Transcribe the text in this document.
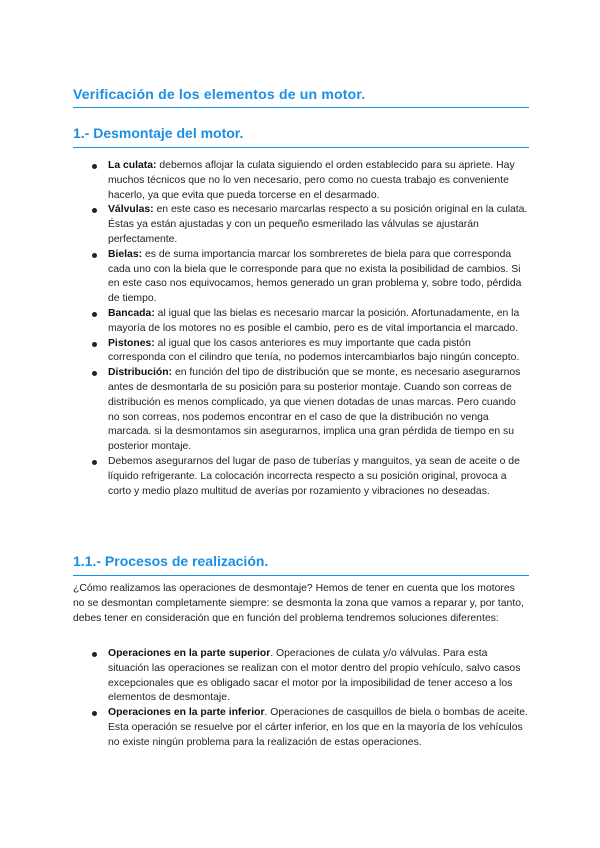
Verificación de los elementos de un motor.
1.- Desmontaje del motor.
La culata: debemos aflojar la culata siguiendo el orden establecido para su apriete. Hay muchos técnicos que no lo ven necesario, pero como no cuesta trabajo es conveniente hacerlo, ya que evita que pueda torcerse en el desarmado.
Válvulas: en este caso es necesario marcarlas respecto a su posición original en la culata. Éstas ya están ajustadas y con un pequeño esmerilado las válvulas se ajustarán perfectamente.
Bielas: es de suma importancia marcar los sombreretes de biela para que corresponda cada uno con la biela que le corresponde para que no exista la posibilidad de cambios. Si en este caso nos equivocamos, hemos generado un gran problema y, sobre todo, pérdida de tiempo.
Bancada: al igual que las bielas es necesario marcar la posición. Afortunadamente, en la mayoría de los motores no es posible el cambio, pero es de vital importancia el marcado.
Pistones: al igual que los casos anteriores es muy importante que cada pistón corresponda con el cilindro que tenía, no podemos intercambiarlos bajo ningún concepto.
Distribución: en función del tipo de distribución que se monte, es necesario asegurarnos antes de desmontarla de su posición para su posterior montaje. Cuando son correas de distribución es menos complicado, ya que vienen dotadas de unas marcas. Pero cuando no son correas, nos podemos encontrar en el caso de que la distribución no venga marcada. si la desmontamos sin asegurarnos, implica una gran pérdida de tiempo en su posterior montaje.
Debemos asegurarnos del lugar de paso de tuberías y manguitos, ya sean de aceite o de líquido refrigerante. La colocación incorrecta respecto a su posición original, provoca a corto y medio plazo multitud de averías por rozamiento y vibraciones no deseadas.
1.1.- Procesos de realización.

¿Cómo realizamos las operaciones de desmontaje? Hemos de tener en cuenta que los motores no se desmontan completamente siempre: se desmonta la zona que vamos a reparar y, por tanto, debes tener en consideración que en función del problema tendremos soluciones diferentes:

Operaciones en la parte superior. Operaciones de culata y/o válvulas. Para esta situación las operaciones se realizan con el motor dentro del propio vehículo, salvo casos excepcionales que es obligado sacar el motor por la imposibilidad de tener acceso a los elementos de desmontaje.
Operaciones en la parte inferior. Operaciones de casquillos de biela o bombas de aceite. Esta operación se resuelve por el cárter inferior, en los que en la mayoría de los vehículos no existe ningún problema para la realización de estas operaciones.
